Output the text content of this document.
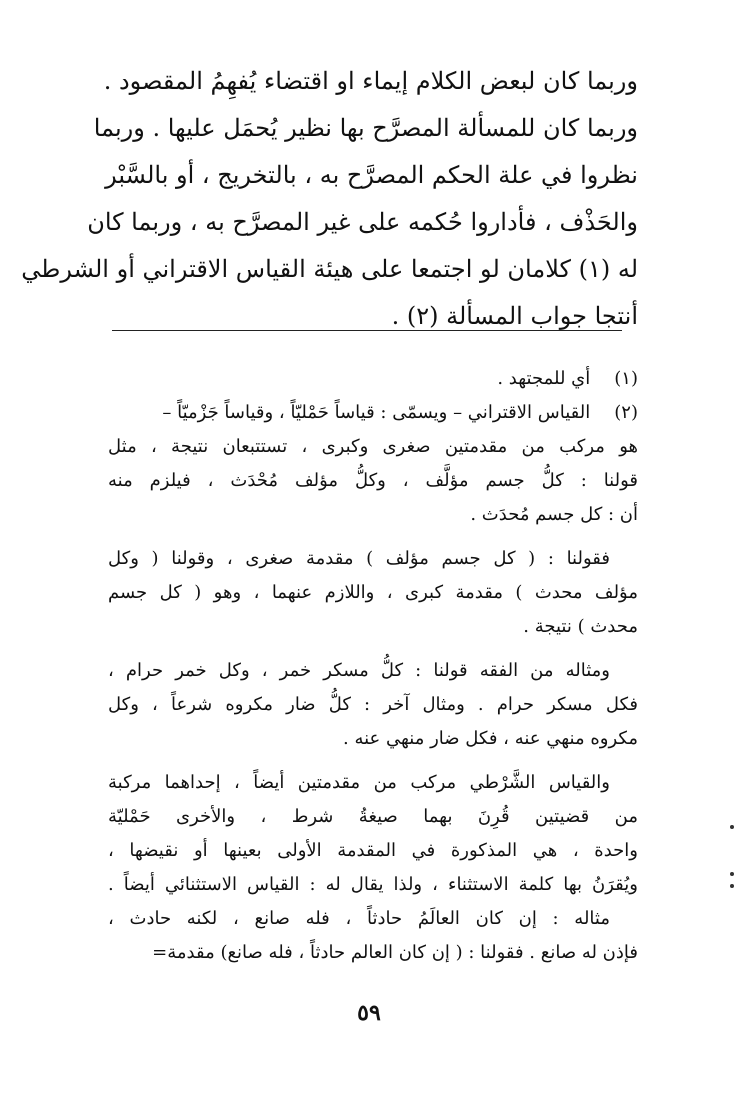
وربما كان لبعض الكلام إيماء او اقتضاء يُفهِمُ المقصود .
وربما كان للمسألة المصرَّح بها نظير يُحمَل عليها . وربما
نظروا في علة الحكم المصرَّح به ، بالتخريج ، أو بالسَّبْر
والحَذْف ، فأداروا حُكمه على غير المصرَّح به ، وربما كان
له (١) كلامان لو اجتمعا على هيئة القياس الاقتراني أو الشرطي
أنتجا جواب المسألة (٢) .
(١) أي للمجتهد .
(٢) القياس الاقتراني – ويسمّى : قياساً حَمْليّاً ، وقياساً جَزْميّاً –
هو مركب من مقدمتين صغرى وكبرى ، تستتبعان نتيجة ، مثل
قولنا : كلُّ جسم مؤلَّف ، وكلُّ مؤلف مُحْدَث ، فيلزم منه
أن : كل جسم مُحدَث .
فقولنا : ( كل جسم مؤلف ) مقدمة صغرى ، وقولنا ( وكل
مؤلف محدث ) مقدمة كبرى ، واللازم عنهما ، وهو ( كل جسم
محدث ) نتيجة .
ومثاله من الفقه قولنا : كلُّ مسكر خمر ، وكل خمر حرام ،
فكل مسكر حرام . ومثال آخر : كلُّ ضار مكروه شرعاً ، وكل
مكروه منهي عنه ، فكل ضار منهي عنه .
والقياس الشَّرْطي مركب من مقدمتين أيضاً ، إحداهما مركبة
من قضيتين قُرِنَ بهما صيغةُ شرط ، والأخرى حَمْليّة
واحدة ، هي المذكورة في المقدمة الأولى بعينها أو نقيضها ،
ويُقرَنُ بها كلمة الاستثناء ، ولذا يقال له : القياس الاستثنائي أيضاً .
مثاله : إن كان العالَمُ حادثاً ، فله صانع ، لكنه حادث ،
فإذن له صانع . فقولنا : ( إن كان العالم حادثاً ، فله صانع) مقدمة=
٥٩
